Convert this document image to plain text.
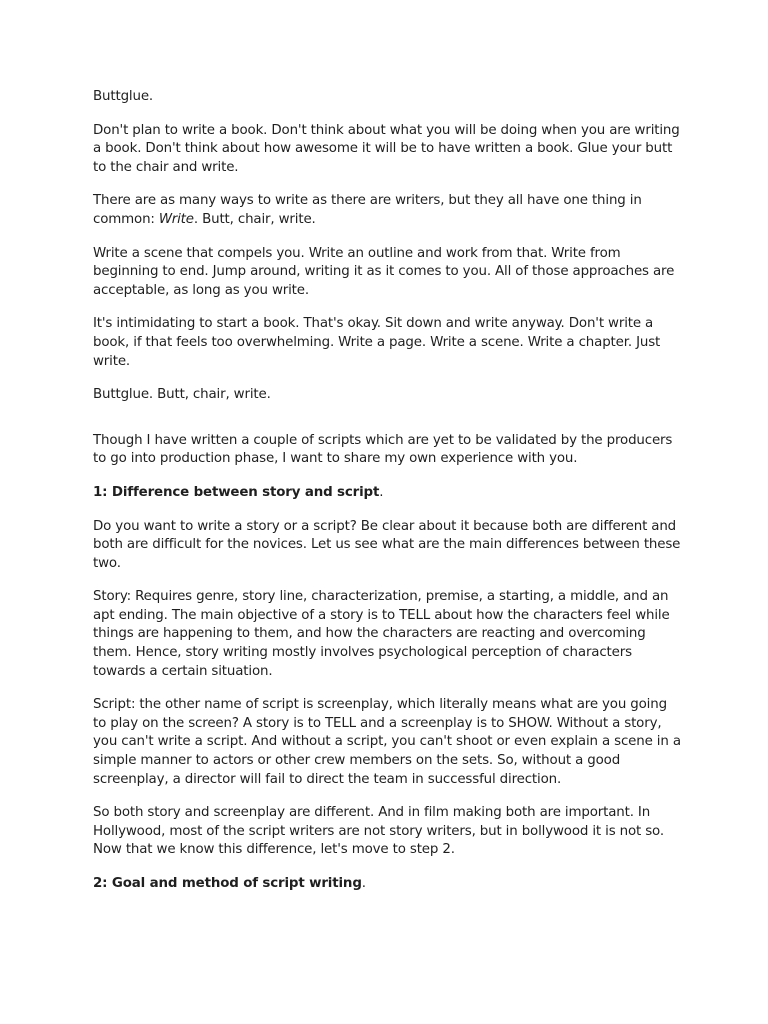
Buttglue.

Don't plan to write a book. Don't think about what you will be doing when you are writing a book. Don't think about how awesome it will be to have written a book. Glue your butt to the chair and write.

There are as many ways to write as there are writers, but they all have one thing in common: Write. Butt, chair, write.

Write a scene that compels you. Write an outline and work from that. Write from beginning to end. Jump around, writing it as it comes to you. All of those approaches are acceptable, as long as you write.

It's intimidating to start a book. That's okay. Sit down and write anyway. Don't write a book, if that feels too overwhelming. Write a page. Write a scene. Write a chapter. Just write.

Buttglue. Butt, chair, write.

Though I have written a couple of scripts which are yet to be validated by the producers to go into production phase, I want to share my own experience with you.

1: Difference between story and script.

Do you want to write a story or a script? Be clear about it because both are different and both are difficult for the novices. Let us see what are the main differences between these two.

Story: Requires genre, story line, characterization, premise, a starting, a middle, and an apt ending. The main objective of a story is to TELL about how the characters feel while things are happening to them, and how the characters are reacting and overcoming them. Hence, story writing mostly involves psychological perception of characters towards a certain situation.

Script: the other name of script is screenplay, which literally means what are you going to play on the screen? A story is to TELL and a screenplay is to SHOW. Without a story, you can't write a script. And without a script, you can't shoot or even explain a scene in a simple manner to actors or other crew members on the sets. So, without a good screenplay, a director will fail to direct the team in successful direction.

So both story and screenplay are different. And in film making both are important. In Hollywood, most of the script writers are not story writers, but in bollywood it is not so. Now that we know this difference, let's move to step 2.

2: Goal and method of script writing.
